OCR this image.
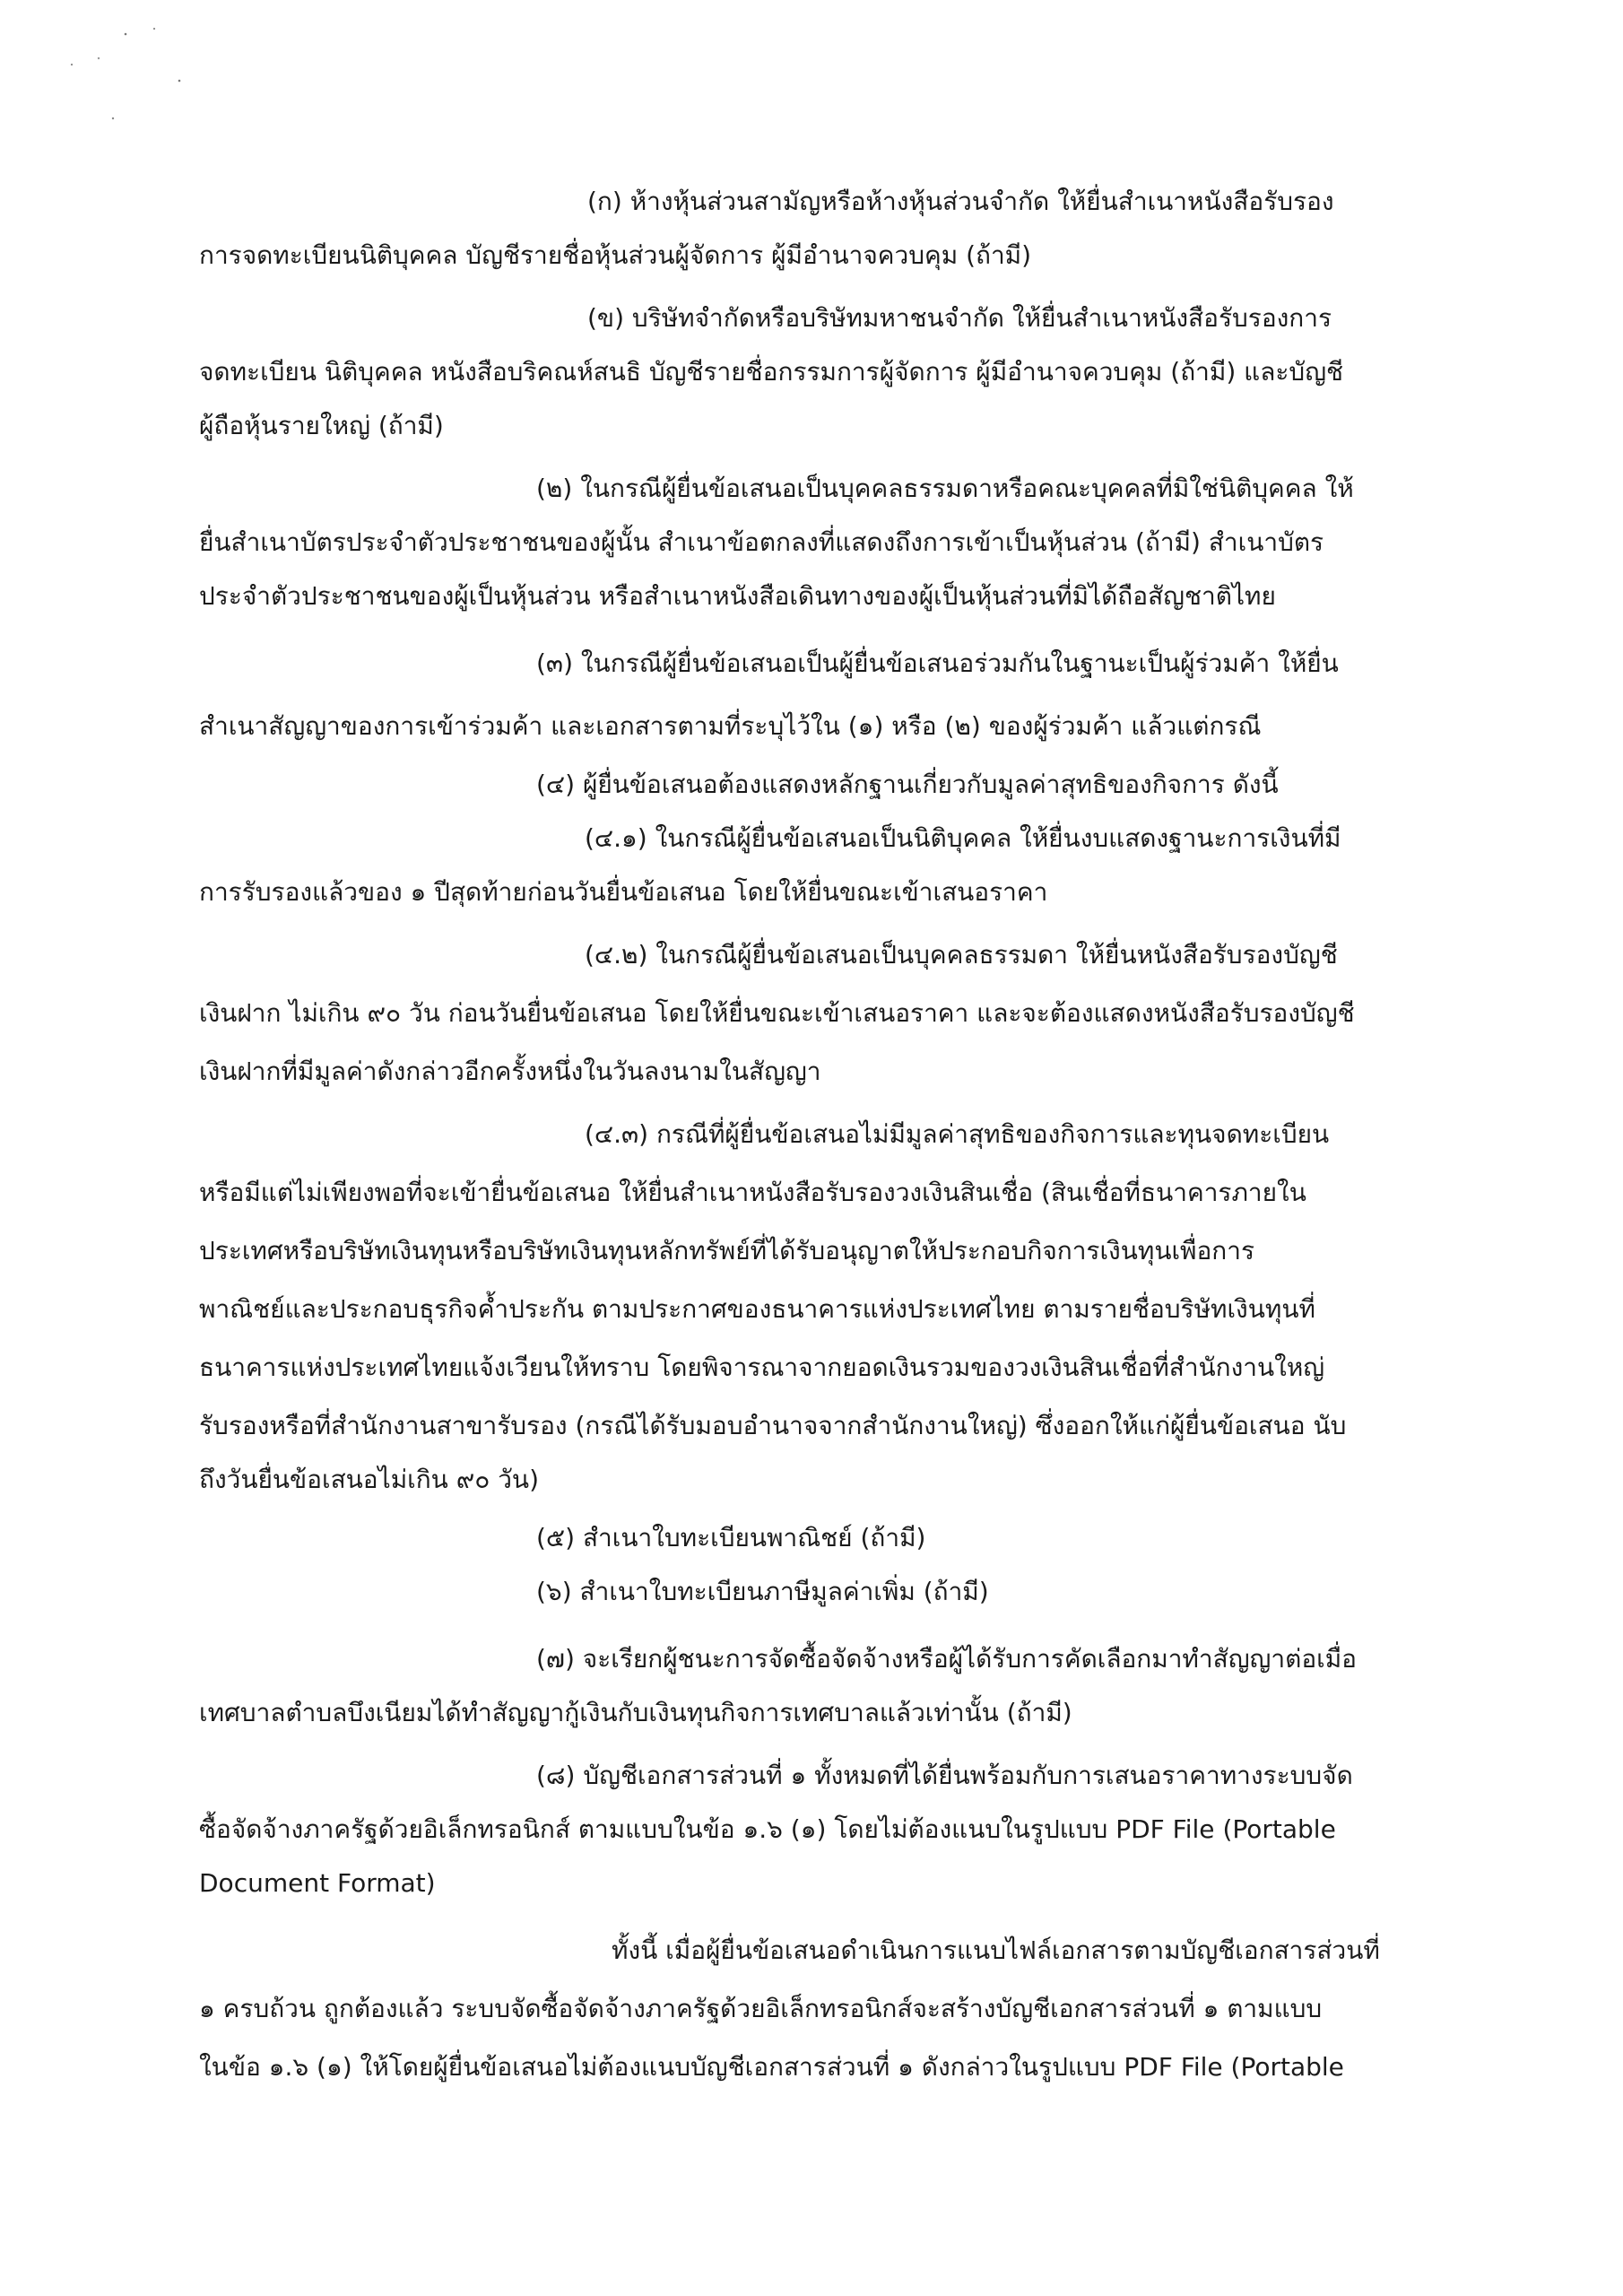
(ก) ห้างหุ้นส่วนสามัญหรือห้างหุ้นส่วนจำกัด ให้ยื่นสำเนาหนังสือรับรอง
การจดทะเบียนนิติบุคคล บัญชีรายชื่อหุ้นส่วนผู้จัดการ ผู้มีอำนาจควบคุม (ถ้ามี)
(ข) บริษัทจำกัดหรือบริษัทมหาชนจำกัด ให้ยื่นสำเนาหนังสือรับรองการ
จดทะเบียน นิติบุคคล หนังสือบริคณห์สนธิ บัญชีรายชื่อกรรมการผู้จัดการ ผู้มีอำนาจควบคุม (ถ้ามี) และบัญชี
ผู้ถือหุ้นรายใหญ่ (ถ้ามี)
(๒) ในกรณีผู้ยื่นข้อเสนอเป็นบุคคลธรรมดาหรือคณะบุคคลที่มิใช่นิติบุคคล ให้
ยื่นสำเนาบัตรประจำตัวประชาชนของผู้นั้น สำเนาข้อตกลงที่แสดงถึงการเข้าเป็นหุ้นส่วน (ถ้ามี) สำเนาบัตร
ประจำตัวประชาชนของผู้เป็นหุ้นส่วน หรือสำเนาหนังสือเดินทางของผู้เป็นหุ้นส่วนที่มิได้ถือสัญชาติไทย
(๓) ในกรณีผู้ยื่นข้อเสนอเป็นผู้ยื่นข้อเสนอร่วมกันในฐานะเป็นผู้ร่วมค้า ให้ยื่น
สำเนาสัญญาของการเข้าร่วมค้า และเอกสารตามที่ระบุไว้ใน (๑) หรือ (๒) ของผู้ร่วมค้า แล้วแต่กรณี
(๔) ผู้ยื่นข้อเสนอต้องแสดงหลักฐานเกี่ยวกับมูลค่าสุทธิของกิจการ ดังนี้
(๔.๑) ในกรณีผู้ยื่นข้อเสนอเป็นนิติบุคคล ให้ยื่นงบแสดงฐานะการเงินที่มี
การรับรองแล้วของ ๑ ปีสุดท้ายก่อนวันยื่นข้อเสนอ โดยให้ยื่นขณะเข้าเสนอราคา
(๔.๒) ในกรณีผู้ยื่นข้อเสนอเป็นบุคคลธรรมดา ให้ยื่นหนังสือรับรองบัญชี
เงินฝาก ไม่เกิน ๙๐ วัน ก่อนวันยื่นข้อเสนอ โดยให้ยื่นขณะเข้าเสนอราคา และจะต้องแสดงหนังสือรับรองบัญชี
เงินฝากที่มีมูลค่าดังกล่าวอีกครั้งหนึ่งในวันลงนามในสัญญา
(๔.๓) กรณีที่ผู้ยื่นข้อเสนอไม่มีมูลค่าสุทธิของกิจการและทุนจดทะเบียน
หรือมีแต่ไม่เพียงพอที่จะเข้ายื่นข้อเสนอ ให้ยื่นสำเนาหนังสือรับรองวงเงินสินเชื่อ (สินเชื่อที่ธนาคารภายใน
ประเทศหรือบริษัทเงินทุนหรือบริษัทเงินทุนหลักทรัพย์ที่ได้รับอนุญาตให้ประกอบกิจการเงินทุนเพื่อการ
พาณิชย์และประกอบธุรกิจค้ำประกัน ตามประกาศของธนาคารแห่งประเทศไทย ตามรายชื่อบริษัทเงินทุนที่
ธนาคารแห่งประเทศไทยแจ้งเวียนให้ทราบ โดยพิจารณาจากยอดเงินรวมของวงเงินสินเชื่อที่สำนักงานใหญ่
รับรองหรือที่สำนักงานสาขารับรอง (กรณีได้รับมอบอำนาจจากสำนักงานใหญ่) ซึ่งออกให้แก่ผู้ยื่นข้อเสนอ นับ
ถึงวันยื่นข้อเสนอไม่เกิน ๙๐ วัน)
(๕) สำเนาใบทะเบียนพาณิชย์ (ถ้ามี)
(๖) สำเนาใบทะเบียนภาษีมูลค่าเพิ่ม (ถ้ามี)
(๗) จะเรียกผู้ชนะการจัดซื้อจัดจ้างหรือผู้ได้รับการคัดเลือกมาทำสัญญาต่อเมื่อ
เทศบาลตำบลบึงเนียมได้ทำสัญญากู้เงินกับเงินทุนกิจการเทศบาลแล้วเท่านั้น (ถ้ามี)
(๘) บัญชีเอกสารส่วนที่ ๑ ทั้งหมดที่ได้ยื่นพร้อมกับการเสนอราคาทางระบบจัด
ซื้อจัดจ้างภาครัฐด้วยอิเล็กทรอนิกส์ ตามแบบในข้อ ๑.๖ (๑) โดยไม่ต้องแนบในรูปแบบ PDF File (Portable
Document Format)
ทั้งนี้ เมื่อผู้ยื่นข้อเสนอดำเนินการแนบไฟล์เอกสารตามบัญชีเอกสารส่วนที่
๑ ครบถ้วน ถูกต้องแล้ว ระบบจัดซื้อจัดจ้างภาครัฐด้วยอิเล็กทรอนิกส์จะสร้างบัญชีเอกสารส่วนที่ ๑ ตามแบบ
ในข้อ ๑.๖ (๑) ให้โดยผู้ยื่นข้อเสนอไม่ต้องแนบบัญชีเอกสารส่วนที่ ๑ ดังกล่าวในรูปแบบ PDF File (Portable
